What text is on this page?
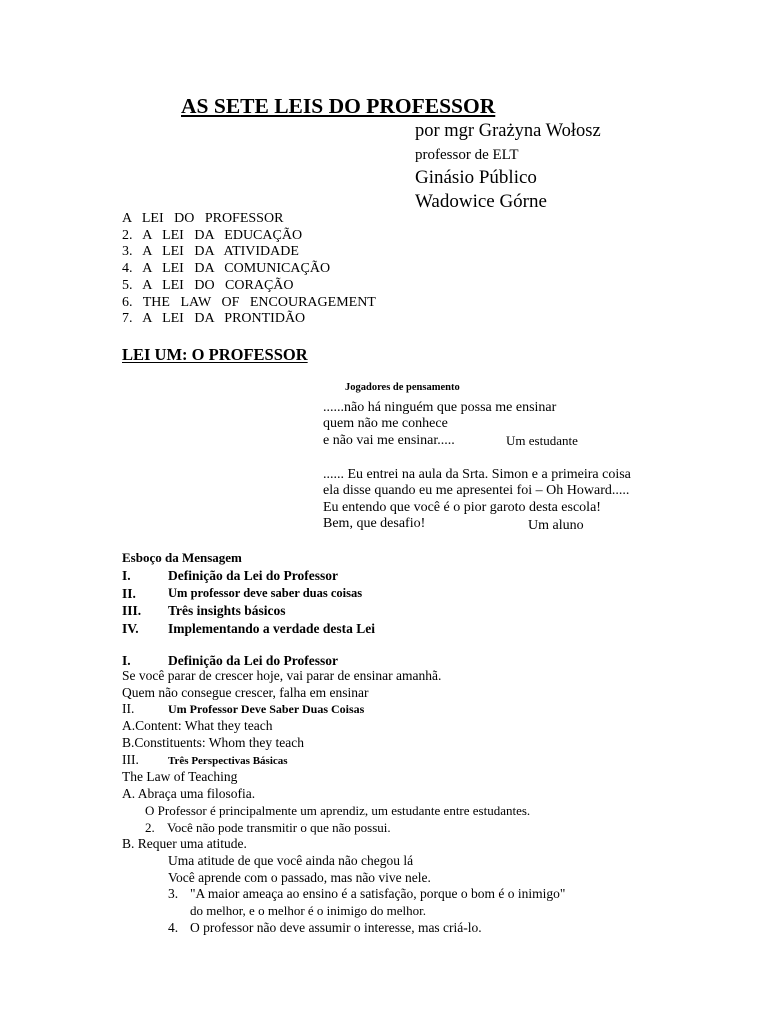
AS SETE LEIS DO PROFESSOR
por mgr Grażyna Wołosz
professor de ELT
Ginásio Público
Wadowice Górne
A LEI DO PROFESSOR
2. A LEI DA EDUCAÇÃO
3. A LEI DA ATIVIDADE
4. A LEI DA COMUNICAÇÃO
5. A LEI DO CORAÇÃO
6. THE LAW OF ENCOURAGEMENT
7. A LEI DA PRONTIDÃO
LEI UM: O PROFESSOR
Jogadores de pensamento
......não há ninguém que possa me ensinar
quem não me conhece
e não vai me ensinar.....	Um estudante
...... Eu entrei na aula da Srta. Simon e a primeira coisa
ela disse quando eu me apresentei foi – Oh Howard.....
Eu entendo que você é o pior garoto desta escola!
Bem, que desafio!	Um aluno
Esboço da Mensagem
I.	Definição da Lei do Professor
II.	Um professor deve saber duas coisas
III. Três insights básicos
IV. Implementando a verdade desta Lei
I.	Definição da Lei do Professor
Se você parar de crescer hoje, vai parar de ensinar amanhã.
Quem não consegue crescer, falha em ensinar
II.	Um Professor Deve Saber Duas Coisas
A.Content: What they teach
B.Constituents: Whom they teach
III.	Três Perspectivas Básicas
The Law of Teaching
A. Abraça uma filosofia.
O Professor é principalmente um aprendiz, um estudante entre estudantes.
2. Você não pode transmitir o que não possui.
B. Requer uma atitude.
Uma atitude de que você ainda não chegou lá
Você aprende com o passado, mas não vive nele.
3. "A maior ameaça ao ensino é a satisfação, porque o bom é o inimigo"
do melhor, e o melhor é o inimigo do melhor.
4. O professor não deve assumir o interesse, mas criá-lo.
